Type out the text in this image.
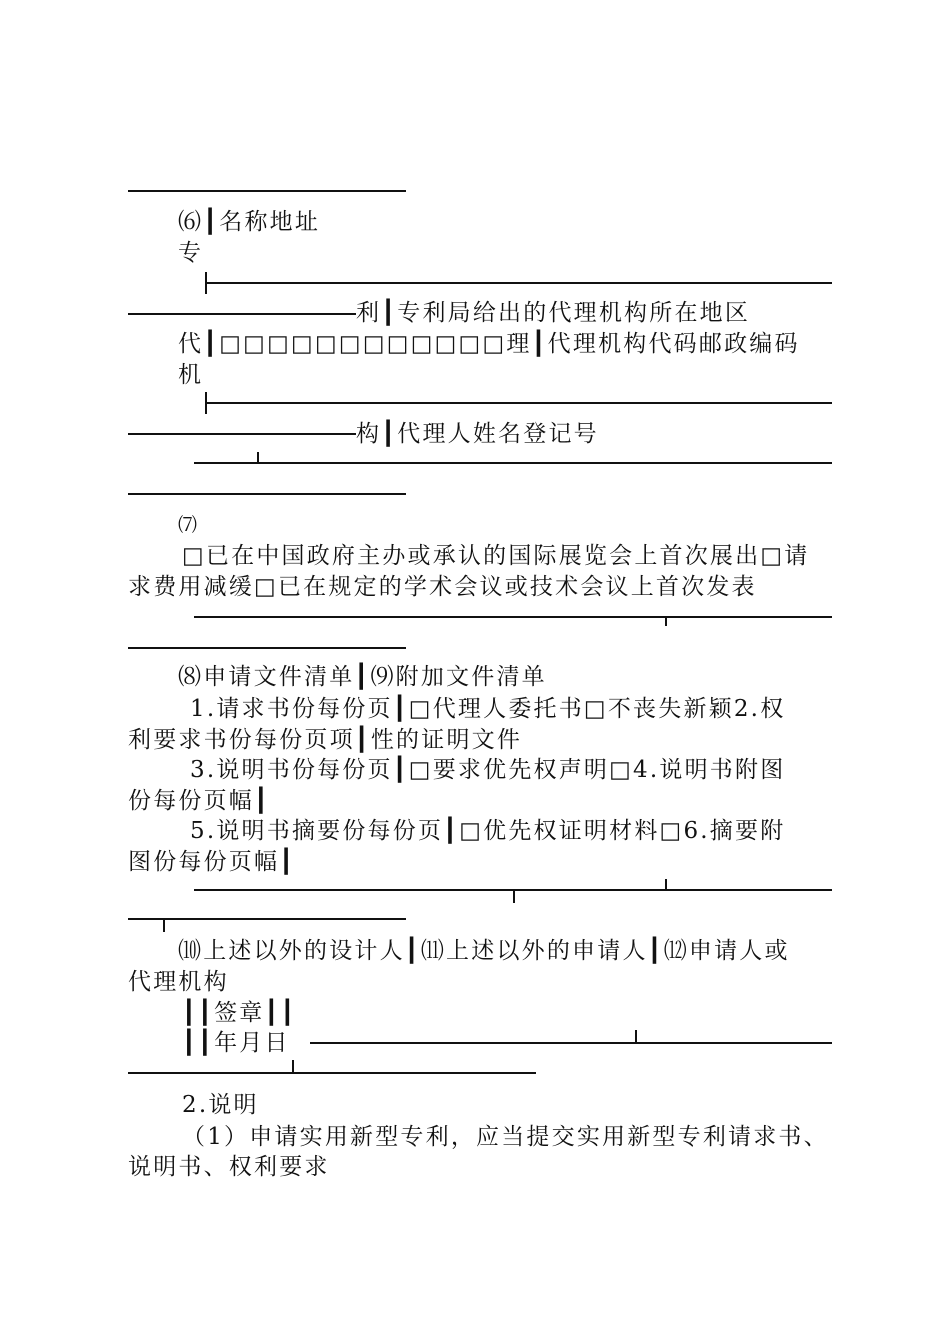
⑹┃名称地址
专
利┃专利局给出的代理机构所在地区
代┃□□□□□□□□□□□□理┃代理机构代码邮政编码
机
构┃代理人姓名登记号
⑺
□已在中国政府主办或承认的国际展览会上首次展出□请
求费用减缓□已在规定的学术会议或技术会议上首次发表
⑻申请文件清单┃⑼附加文件清单
1.请求书份每份页┃□代理人委托书□不丧失新颖2.权
利要求书份每份页项┃性的证明文件
3.说明书份每份页┃□要求优先权声明□4.说明书附图
份每份页幅┃
5.说明书摘要份每份页┃□优先权证明材料□6.摘要附
图份每份页幅┃
⑽上述以外的设计人┃⑾上述以外的申请人┃⑿申请人或
代理机构
┃┃签章┃┃
┃┃年月日
2.说明
（1）申请实用新型专利，应当提交实用新型专利请求书、
说明书、权利要求
